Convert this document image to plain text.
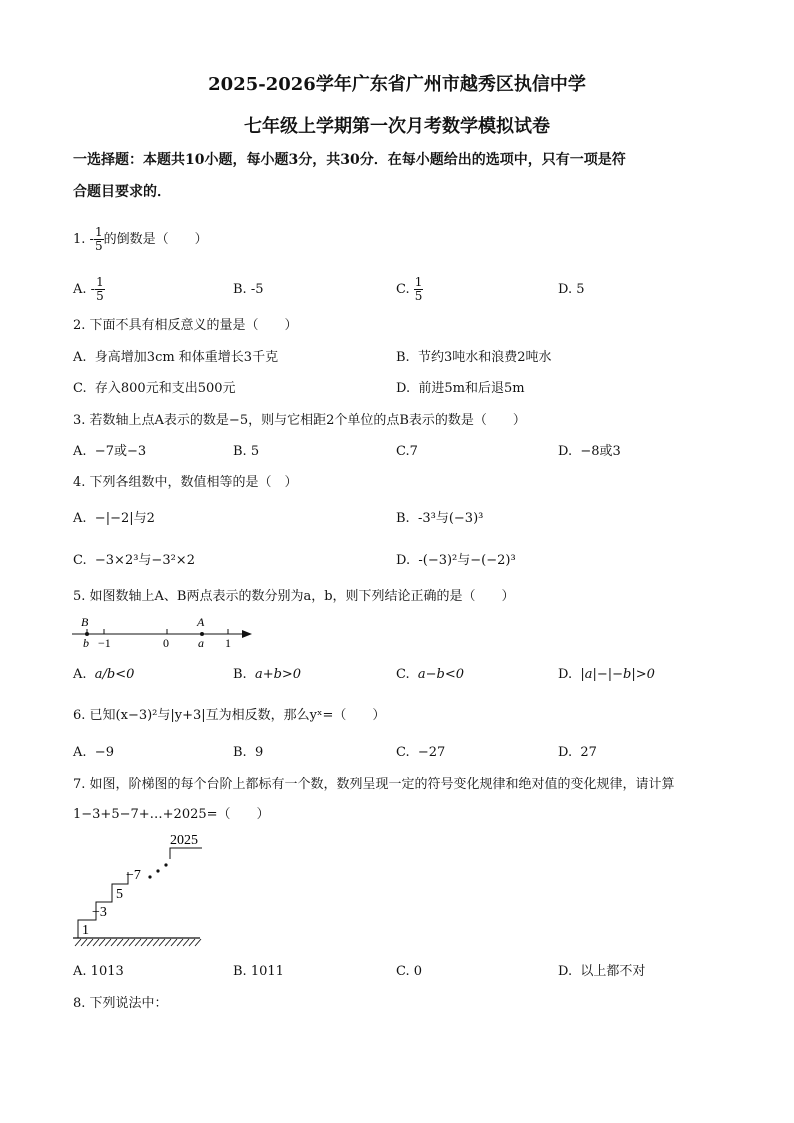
2025-2026学年广东省广州市越秀区执信中学
七年级上学期第一次月考数学模拟试卷
一选择题：本题共10小题，每小题3分，共30分．在每小题给出的选项中，只有一项是符
合题目要求的．
1. - $\frac{1}{5}$ 的倒数是（　　）
A. - $\frac{1}{5}$	B. -5	C. $\frac{1}{5}$	D. 5
2. 下面不具有相反意义的量是（　　）
A. 身高增加3cm 和体重增长3千克	B. 节约3吨水和浪费2吨水
C. 存入800元和支出500元	D. 前进5m和后退5m
3. 若数轴上点A表示的数是−5，则与它相距2个单位的点B表示的数是（　　）
A. −7或−3	B. 5	C.7	D. −8或3
4. 下列各组数中，数值相等的是（　）
A. −|−2|与2	B. -3³与(−3)³
C. −3×2³与−3²×2	D. -(−3)²与−(−2)³
5. 如图数轴上A、B两点表示的数分别为a，b，则下列结论正确的是（　　）
B
b −1	0
A
a 1
A. a/b<0	B. a+b>0	C. a−b<0	D. |a|−|−b|>0
6. 已知(x−3)²与|y+3|互为相反数，那么yˣ=（　　）
A. −9	B. 9	C. −27	D. 27
7. 如图，阶梯图的每个台阶上都标有一个数，数列呈现一定的符号变化规律和绝对值的变化规律，请计算
1−3+5−7+…+2025=（　　）
1
−3
5
−7
2025
A. 1013	B. 1011	C. 0	D. 以上都不对
8. 下列说法中：
